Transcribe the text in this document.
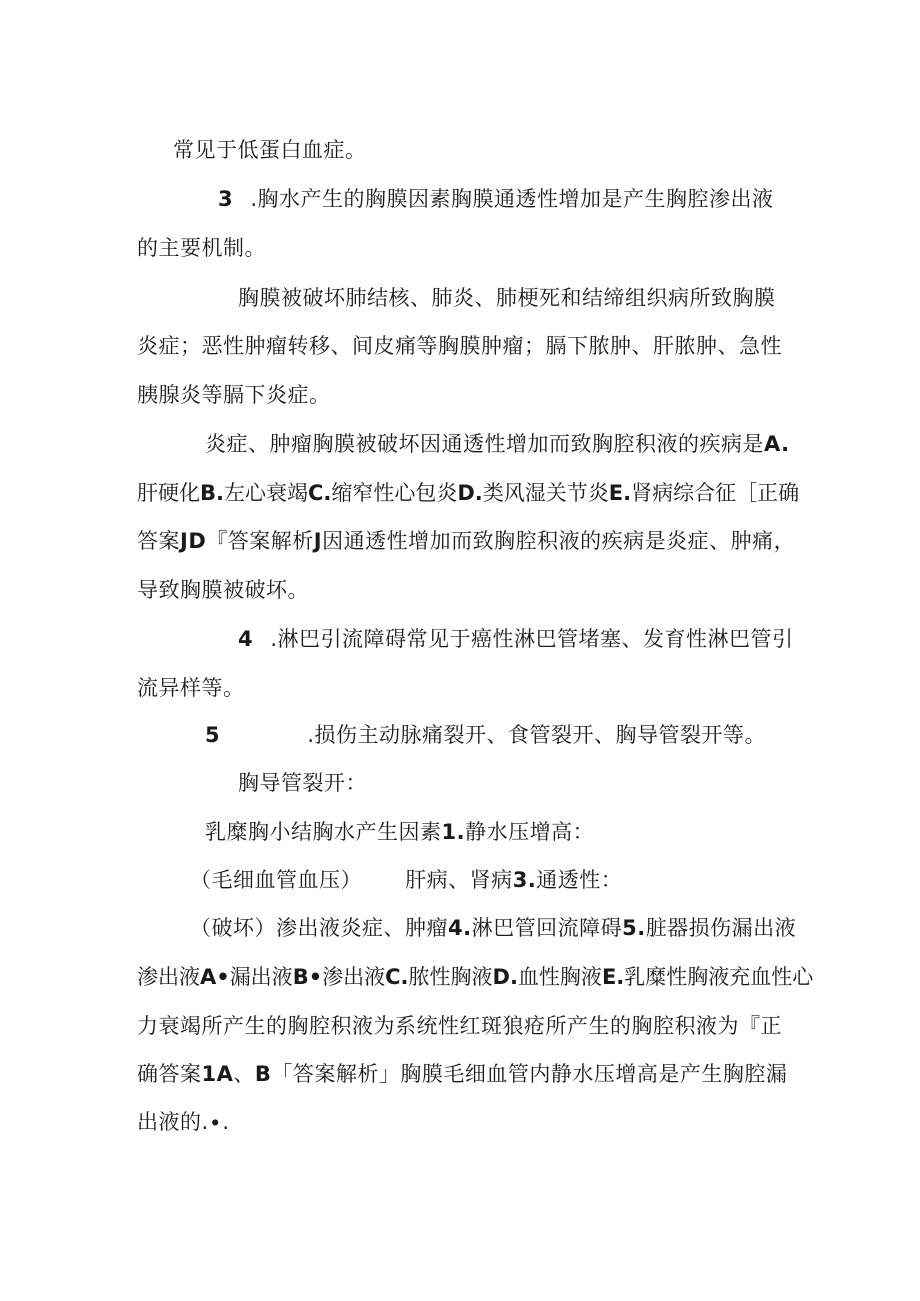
常见于低蛋白血症。
3 .胸水产生的胸膜因素胸膜通透性增加是产生胸腔渗出液
的主要机制。
胸膜被破坏肺结核、肺炎、肺梗死和结缔组织病所致胸膜
炎症；恶性肿瘤转移、间皮痛等胸膜肿瘤；膈下脓肿、肝脓肿、急性
胰腺炎等膈下炎症。
炎症、肿瘤胸膜被破坏因通透性增加而致胸腔积液的疾病是A.
肝硬化B.左心衰竭C.缩窄性心包炎D.类风湿关节炎E.肾病综合征［正确
答案JD『答案解析J因通透性增加而致胸腔积液的疾病是炎症、肿痛，
导致胸膜被破坏。
4 .淋巴引流障碍常见于癌性淋巴管堵塞、发育性淋巴管引
流异样等。
5	.损伤主动脉痛裂开、食管裂开、胸导管裂开等。
胸导管裂开：
乳糜胸小结胸水产生因素1.静水压增高：
（毛细血管血压） 肝病、肾病3.通透性：
（破坏）渗出液炎症、肿瘤4.淋巴管回流障碍5.脏器损伤漏出液
渗出液A•漏出液B•渗出液C.脓性胸液D.血性胸液E.乳糜性胸液充血性心
力衰竭所产生的胸腔积液为系统性红斑狼疮所产生的胸腔积液为『正
确答案1A、B「答案解析」胸膜毛细血管内静水压增高是产生胸腔漏
出液的.∙.
